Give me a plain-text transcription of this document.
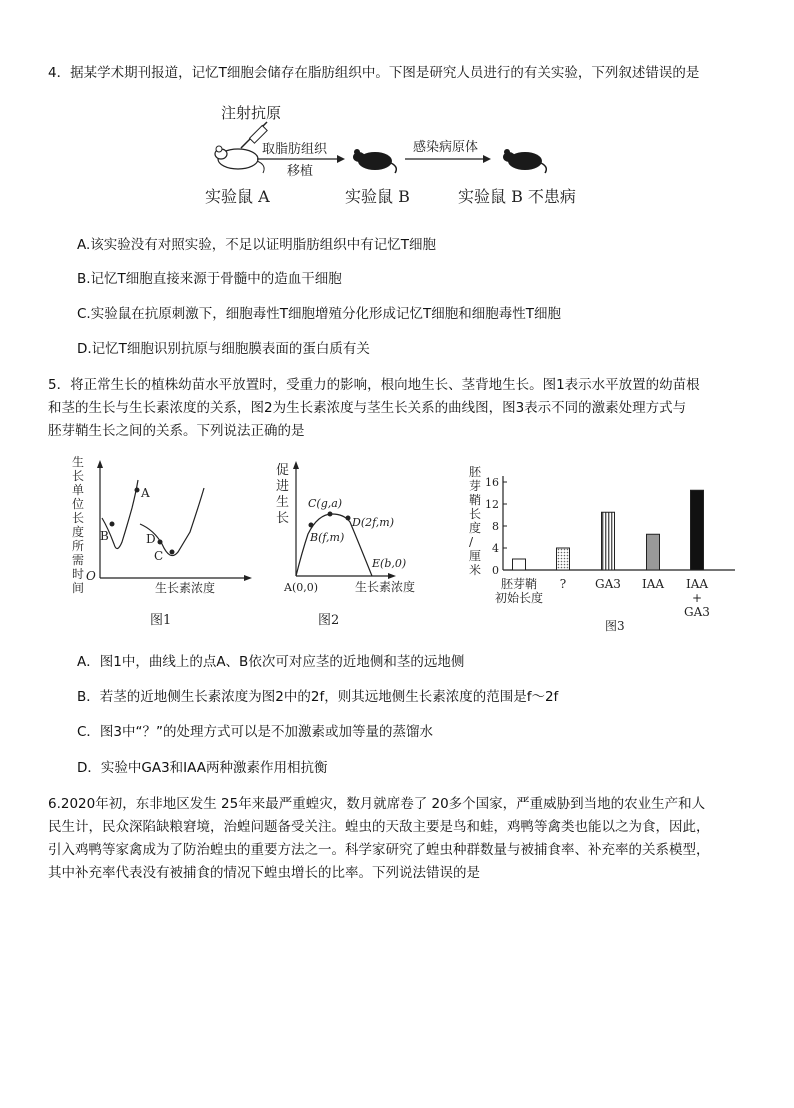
4．据某学术期刊报道，记忆T细胞会储存在脂肪组织中。下图是研究人员进行的有关实验，下列叙述错误的是
注射抗原
取脂肪组织
移植
感染病原体
实验鼠 A	实验鼠 B	实验鼠 B 不患病
A.该实验没有对照实验，不足以证明脂肪组织中有记忆T细胞
B.记忆T细胞直接来源于骨髓中的造血干细胞
C.实验鼠在抗原刺激下，细胞毒性T细胞增殖分化形成记忆T细胞和细胞毒性T细胞
D.记忆T细胞识别抗原与细胞膜表面的蛋白质有关
5．将正常生长的植株幼苗水平放置时，受重力的影响，根向地生长、茎背地生长。图1表示水平放置的幼苗根
和茎的生长与生长素浓度的关系，图2为生长素浓度与茎生长关系的曲线图，图3表示不同的激素处理方式与
胚芽鞘生长之间的关系。下列说法正确的是
生
长
单
位
长
度
所
需
时
间
O
A
B	D
C
生长素浓度
图1
促
进
生
长
C(g,a)
D(2f,m)
B(f,m)
E(b,0)
A(0,0)	生长素浓度
图2
胚
芽
鞘
长
度
/
厘
米
16
12
8
4
0
胚芽鞘
初始长度
? GA3 IAA IAA
+
GA3
图3
A．图1中，曲线上的点A、B依次可对应茎的近地侧和茎的远地侧
B．若茎的近地侧生长素浓度为图2中的2f，则其远地侧生长素浓度的范围是f～2f
C．图3中“？”的处理方式可以是不加激素或加等量的蒸馏水
D．实验中GA3和IAA两种激素作用相抗衡
6.2020年初，东非地区发生 25年来最严重蝗灾，数月就席卷了 20多个国家，严重威胁到当地的农业生产和人
民生计，民众深陷缺粮窘境，治蝗问题备受关注。蝗虫的天敌主要是鸟和蛙，鸡鸭等禽类也能以之为食，因此，
引入鸡鸭等家禽成为了防治蝗虫的重要方法之一。科学家研究了蝗虫种群数量与被捕食率、补充率的关系模型，
其中补充率代表没有被捕食的情况下蝗虫增长的比率。下列说法错误的是
